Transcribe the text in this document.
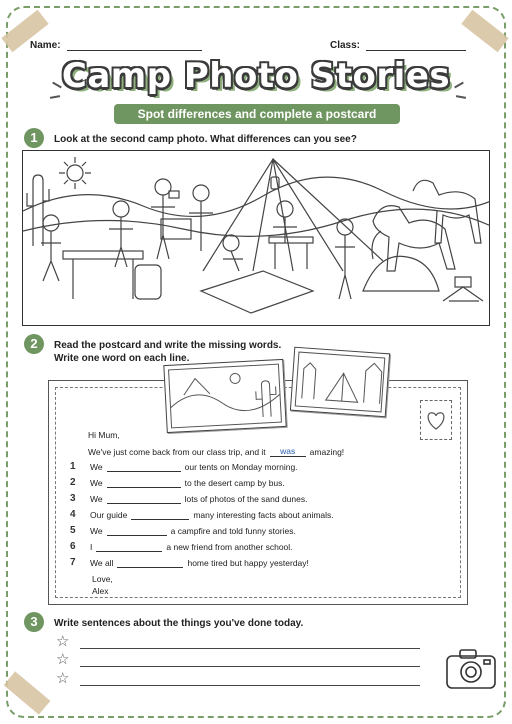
Name:	Class:
Camp Photo Stories
Spot differences and complete a postcard
1	Look at the second camp photo. What differences can you see?
2	Read the postcard and write the missing words.
Write one word on each line.
Hi Mum,
We've just come back from our class trip, and it was amazing!
1 We	our tents on Monday morning.
2 We	to the desert camp by bus.
3 We	lots of photos of the sand dunes.
4 Our guide	many interesting facts about animals.
5 We	a campfire and told funny stories.
6 I	a new friend from another school.
7 We all	home tired but happy yesterday!
Love,
Alex
3	Write sentences about the things you've done today.
☆
☆
☆
